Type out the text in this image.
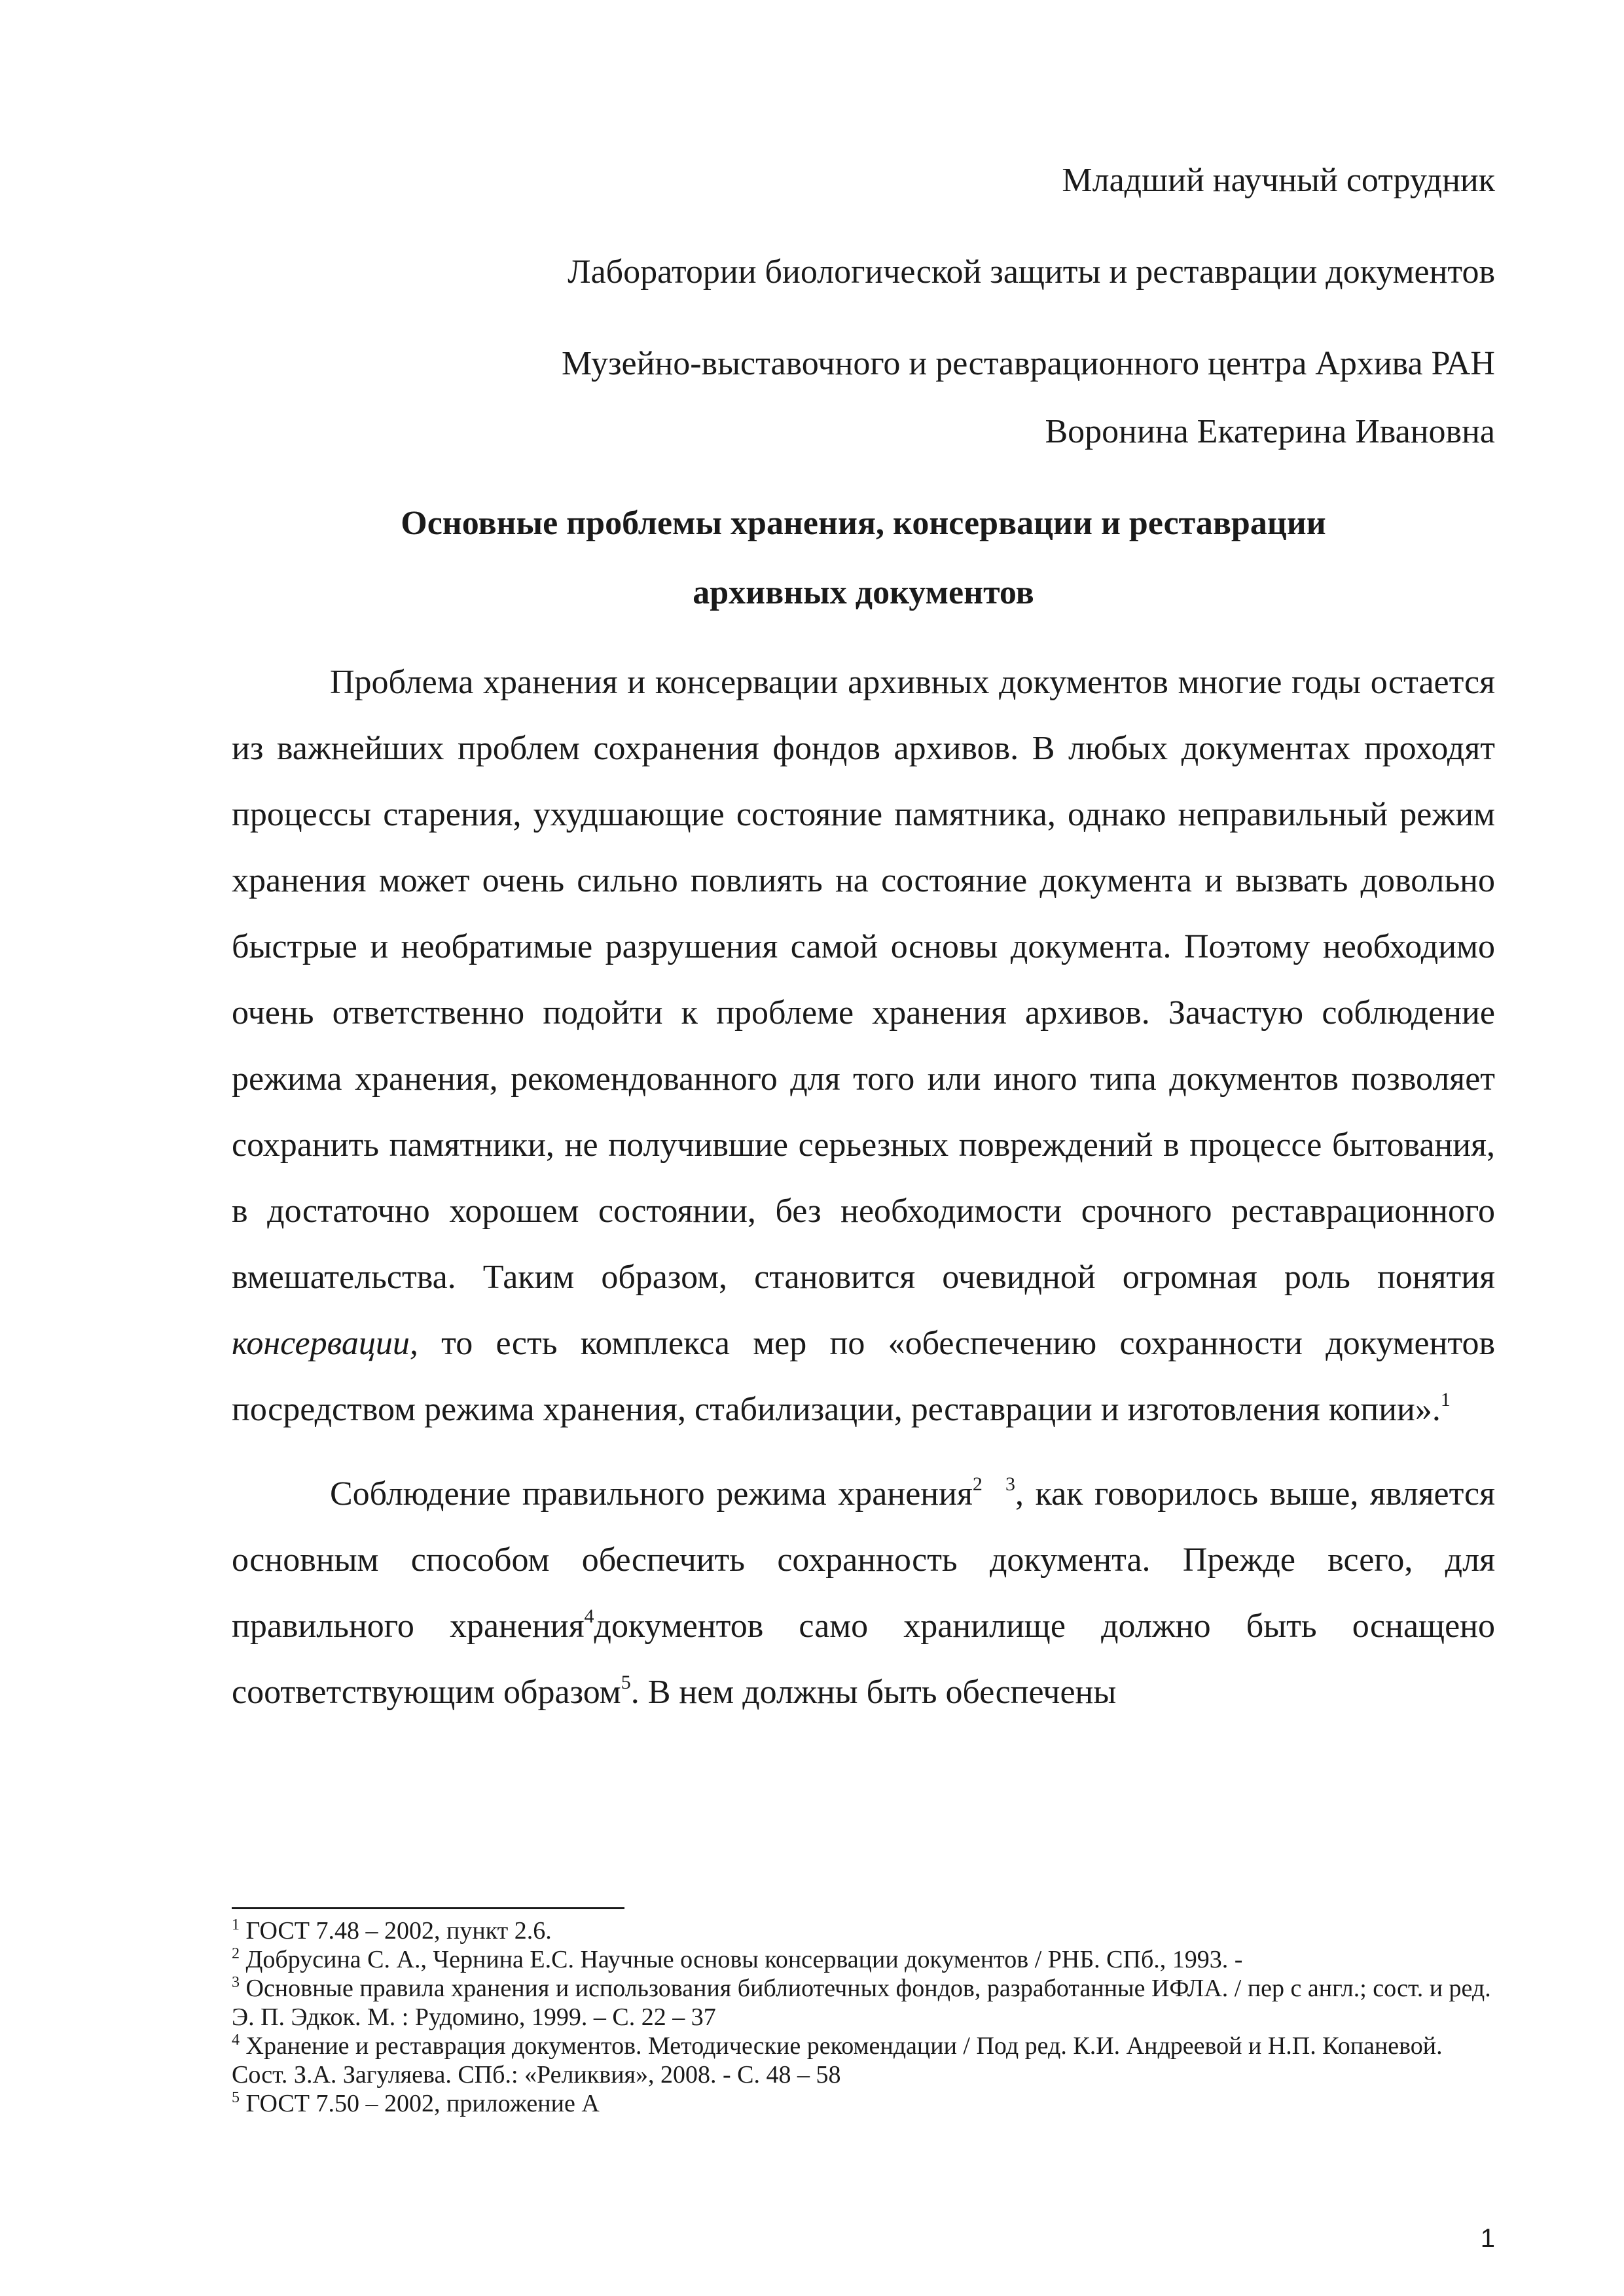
Младший научный сотрудник
Лаборатории биологической защиты и реставрации документов
Музейно-выставочного и реставрационного центра Архива РАН
Воронина Екатерина Ивановна
Основные проблемы хранения, консервации и реставрации
архивных документов

Проблема хранения и консервации архивных документов многие годы остается из важнейших проблем сохранения фондов архивов. В любых документах проходят процессы старения, ухудшающие состояние памятника, однако неправильный режим хранения может очень сильно повлиять на состояние документа и вызвать довольно быстрые и необратимые разрушения самой основы документа. Поэтому необходимо очень ответственно подойти к проблеме хранения архивов. Зачастую соблюдение режима хранения, рекомендованного для того или иного типа документов позволяет сохранить памятники, не получившие серьезных повреждений в процессе бытования, в достаточно хорошем состоянии, без необходимости срочного реставрационного вмешательства. Таким образом, становится очевидной огромная роль понятия консервации, то есть комплекса мер по «обеспечению сохранности документов посредством режима хранения, стабилизации, реставрации и изготовления копии».$^1$

Соблюдение правильного режима хранения$^2$ $^3$, как говорилось выше, является основным способом обеспечить сохранность документа. Прежде всего, для правильного хранения$^4$документов само хранилище должно быть оснащено соответствующим образом$^5$. В нем должны быть обеспечены

$^1$ ГОСТ 7.48 – 2002, пункт 2.6.

$^2$ Добрусина С. А., Чернина Е.С. Научные основы консервации документов / РНБ. СПб., 1993. -

$^3$ Основные правила хранения и использования библиотечных фондов, разработанные ИФЛА. / пер с англ.; сост. и ред. Э. П. Эдкок. М. : Рудомино, 1999. – С. 22 – 37

$^4$ Хранение и реставрация документов. Методические рекомендации / Под ред. К.И. Андреевой и Н.П. Копаневой. Сост. З.А. Загуляева. СПб.: «Реликвия», 2008. - С. 48 – 58

$^5$ ГОСТ 7.50 – 2002, приложение А

1
